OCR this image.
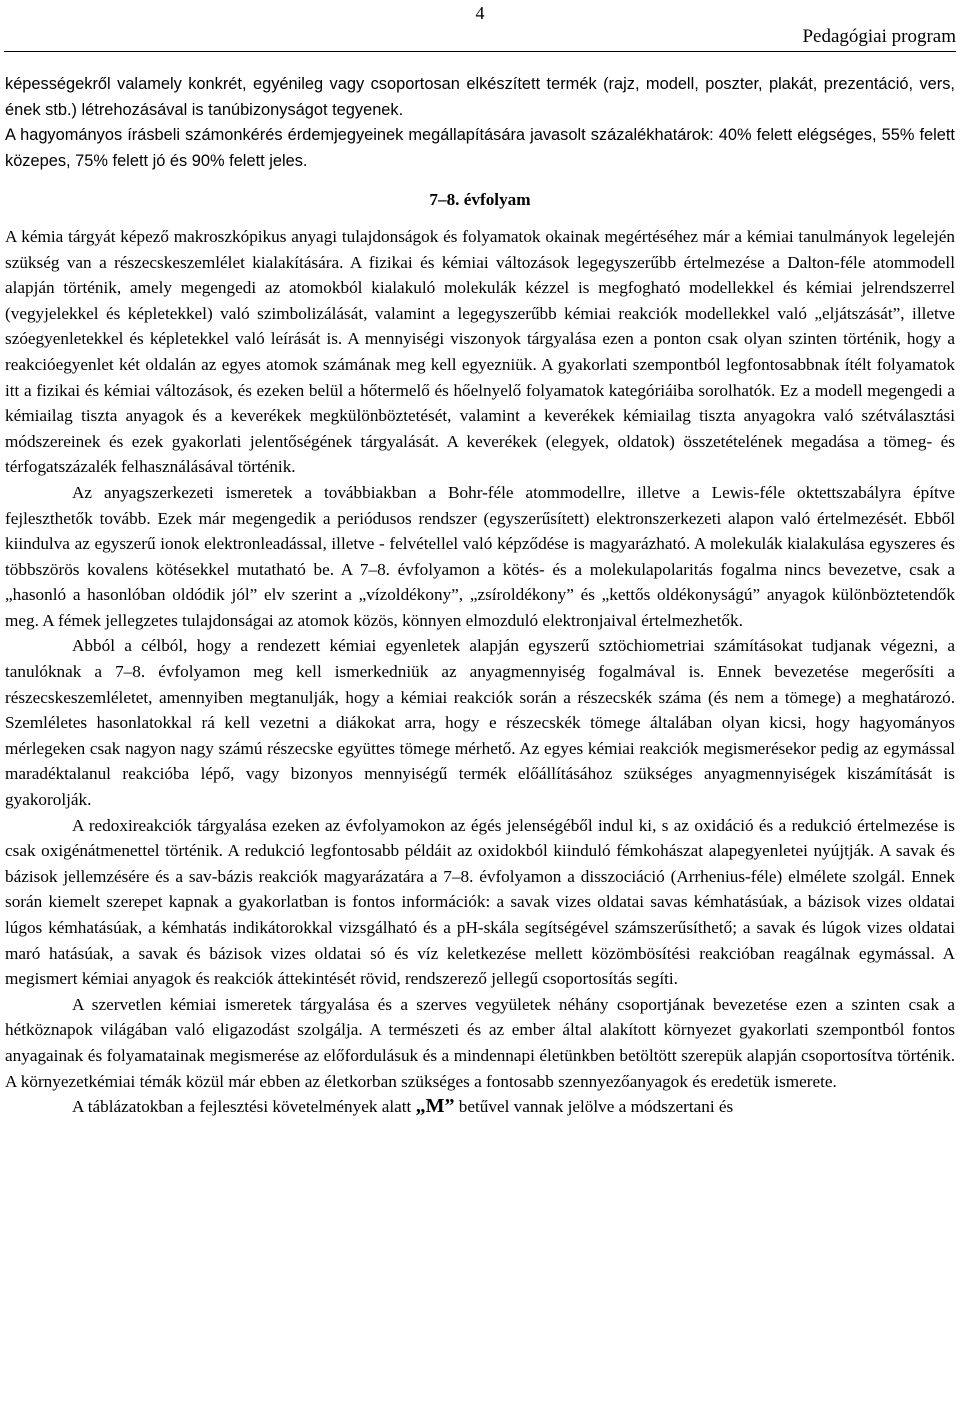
4
Pedagógiai program

képességekről valamely konkrét, egyénileg vagy csoportosan elkészített termék (rajz, modell, poszter, plakát, prezentáció, vers, ének stb.) létrehozásával is tanúbizonyságot tegyenek.

A hagyományos írásbeli számonkérés érdemjegyeinek megállapítására javasolt százalékhatárok: 40% felett elégséges, 55% felett közepes, 75% felett jó és 90% felett jeles.

7–8. évfolyam

A kémia tárgyát képező makroszkópikus anyagi tulajdonságok és folyamatok okainak megértéséhez már a kémiai tanulmányok legelején szükség van a részecskeszemlélet kialakítására. A fizikai és kémiai változások legegyszerűbb értelmezése a Dalton-féle atommodell alapján történik, amely megengedi az atomokból kialakuló molekulák kézzel is megfogható modellekkel és kémiai jelrendszerrel (vegyjelekkel és képletekkel) való szimbolizálását, valamint a legegyszerűbb kémiai reakciók modellekkel való „eljátszását”, illetve szóegyenletekkel és képletekkel való leírását is. A mennyiségi viszonyok tárgyalása ezen a ponton csak olyan szinten történik, hogy a reakcióegyenlet két oldalán az egyes atomok számának meg kell egyezniük. A gyakorlati szempontból legfontosabbnak ítélt folyamatok itt a fizikai és kémiai változások, és ezeken belül a hőtermelő és hőelnyelő folyamatok kategóriáiba sorolhatók. Ez a modell megengedi a kémiailag tiszta anyagok és a keverékek megkülönböztetését, valamint a keverékek kémiailag tiszta anyagokra való szétválasztási módszereinek és ezek gyakorlati jelentőségének tárgyalását. A keverékek (elegyek, oldatok) összetételének megadása a tömeg- és térfogatszázalék felhasználásával történik.

Az anyagszerkezeti ismeretek a továbbiakban a Bohr-féle atommodellre, illetve a Lewis-féle oktettszabályra építve fejleszthetők tovább. Ezek már megengedik a periódusos rendszer (egyszerűsített) elektronszerkezeti alapon való értelmezését. Ebből kiindulva az egyszerű ionok elektronleadással, illetve - felvétellel való képződése is magyarázható. A molekulák kialakulása egyszeres és többszörös kovalens kötésekkel mutatható be. A 7–8. évfolyamon a kötés- és a molekulapolaritás fogalma nincs bevezetve, csak a „hasonló a hasonlóban oldódik jól” elv szerint a „vízoldékony”, „zsíroldékony” és „kettős oldékonyságú” anyagok különböztetendők meg. A fémek jellegzetes tulajdonságai az atomok közös, könnyen elmozduló elektronjaival értelmezhetők.

Abból a célból, hogy a rendezett kémiai egyenletek alapján egyszerű sztöchiometriai számításokat tudjanak végezni, a tanulóknak a 7–8. évfolyamon meg kell ismerkedniük az anyagmennyiség fogalmával is. Ennek bevezetése megerősíti a részecskeszemléletet, amennyiben megtanulják, hogy a kémiai reakciók során a részecskék száma (és nem a tömege) a meghatározó. Szemléletes hasonlatokkal rá kell vezetni a diákokat arra, hogy e részecskék tömege általában olyan kicsi, hogy hagyományos mérlegeken csak nagyon nagy számú részecske együttes tömege mérhető. Az egyes kémiai reakciók megismerésekor pedig az egymással maradéktalanul reakcióba lépő, vagy bizonyos mennyiségű termék előállításához szükséges anyagmennyiségek kiszámítását is gyakorolják.

A redoxireakciók tárgyalása ezeken az évfolyamokon az égés jelenségéből indul ki, s az oxidáció és a redukció értelmezése is csak oxigénátmenettel történik. A redukció legfontosabb példáit az oxidokból kiinduló fémkohászat alapegyenletei nyújtják. A savak és bázisok jellemzésére és a sav-bázis reakciók magyarázatára a 7–8. évfolyamon a disszociáció (Arrhenius-féle) elmélete szolgál. Ennek során kiemelt szerepet kapnak a gyakorlatban is fontos információk: a savak vizes oldatai savas kémhatásúak, a bázisok vizes oldatai lúgos kémhatásúak, a kémhatás indikátorokkal vizsgálható és a pH-skála segítségével számszerűsíthető; a savak és lúgok vizes oldatai maró hatásúak, a savak és bázisok vizes oldatai só és víz keletkezése mellett közömbösítési reakcióban reagálnak egymással. A megismert kémiai anyagok és reakciók áttekintését rövid, rendszerező jellegű csoportosítás segíti.

A szervetlen kémiai ismeretek tárgyalása és a szerves vegyületek néhány csoportjának bevezetése ezen a szinten csak a hétköznapok világában való eligazodást szolgálja. A természeti és az ember által alakított környezet gyakorlati szempontból fontos anyagainak és folyamatainak megismerése az előfordulásuk és a mindennapi életünkben betöltött szerepük alapján csoportosítva történik. A környezetkémiai témák közül már ebben az életkorban szükséges a fontosabb szennyezőanyagok és eredetük ismerete.

A táblázatokban a fejlesztési követelmények alatt „M” betűvel vannak jelölve a módszertani és
